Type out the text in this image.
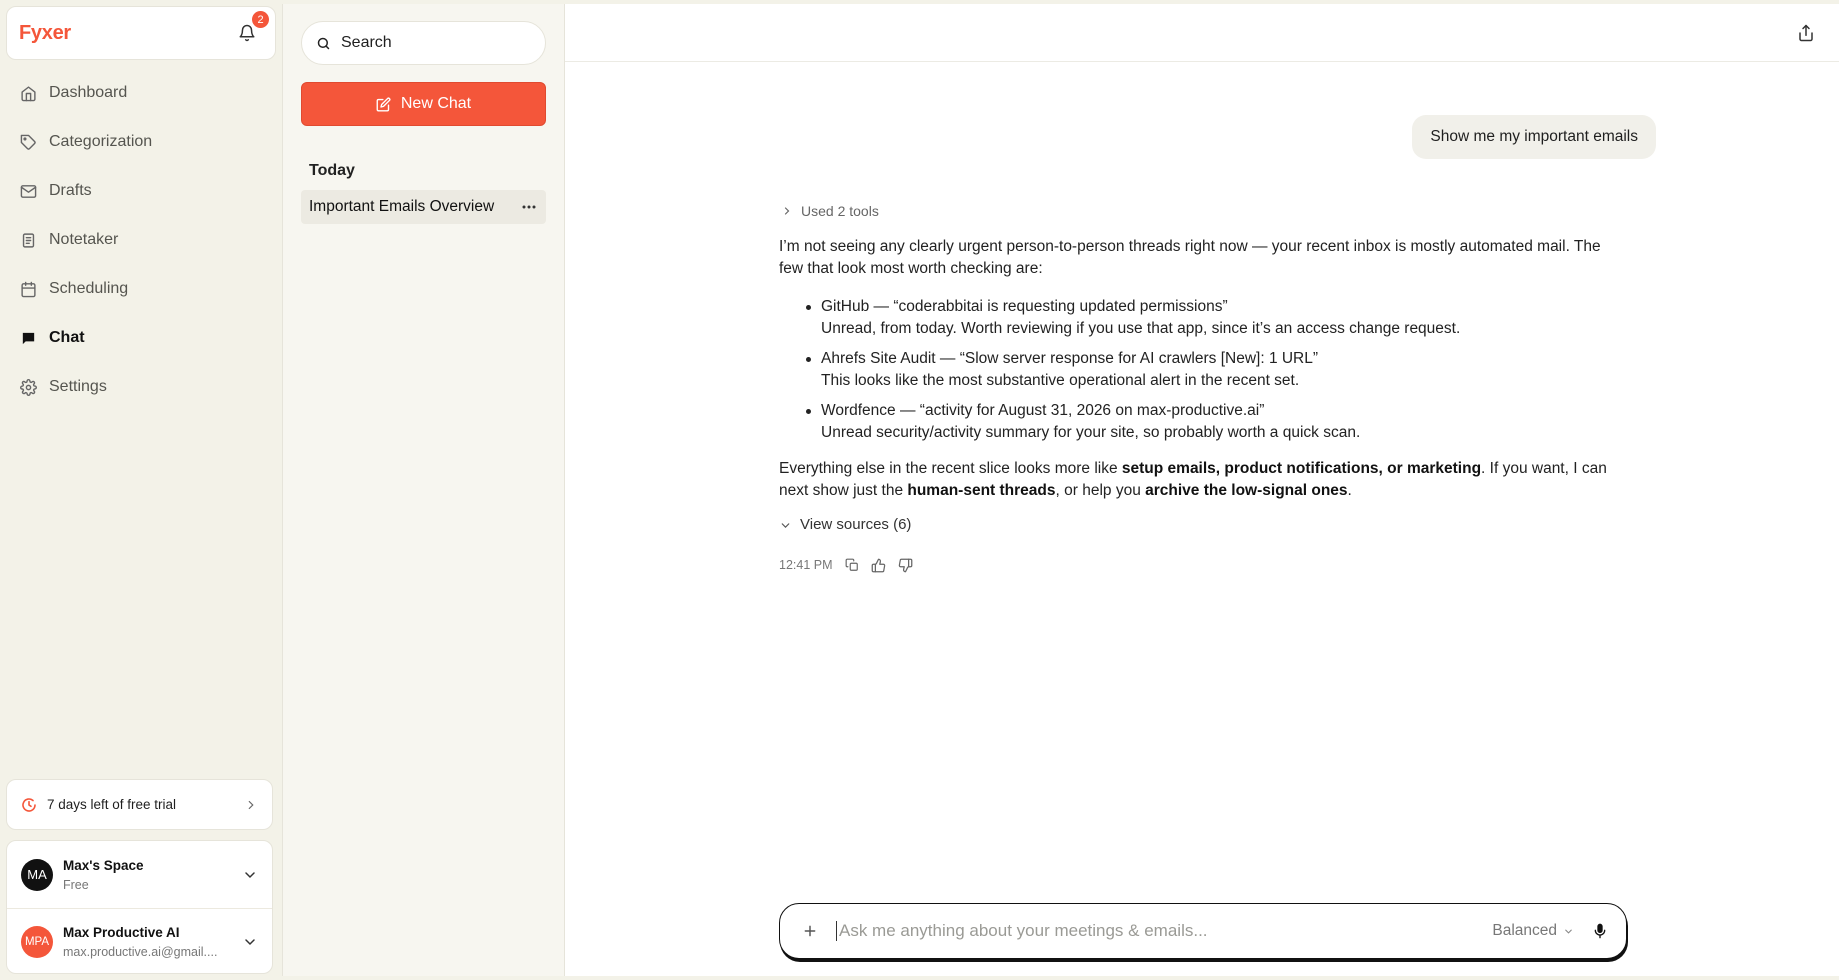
Fyxer
2
Dashboard
Categorization
Drafts
Notetaker
Scheduling
Chat
Settings
7 days left of free trial
MA
Max's Space
Free
MPA
Max Productive AI
max.productive.ai@gmail....
Search
New Chat
Today
Important Emails Overview
Show me my important emails
Used 2 tools

I’m not seeing any clearly urgent person-to-person threads right now — your recent inbox is mostly automated mail. The few that look most worth checking are:

GitHub — “coderabbitai is requesting updated permissions”
Unread, from today. Worth reviewing if you use that app, since it’s an access change request.
Ahrefs Site Audit — “Slow server response for AI crawlers [New]: 1 URL”
This looks like the most substantive operational alert in the recent set.
Wordfence — “activity for August 31, 2026 on max-productive.ai”
Unread security/activity summary for your site, so probably worth a quick scan.

Everything else in the recent slice looks more like setup emails, product notifications, or marketing. If you want, I can next show just the human-sent threads, or help you archive the low-signal ones.

View sources (6)
12:41 PM
Ask me anything about your meetings & emails...
Balanced
